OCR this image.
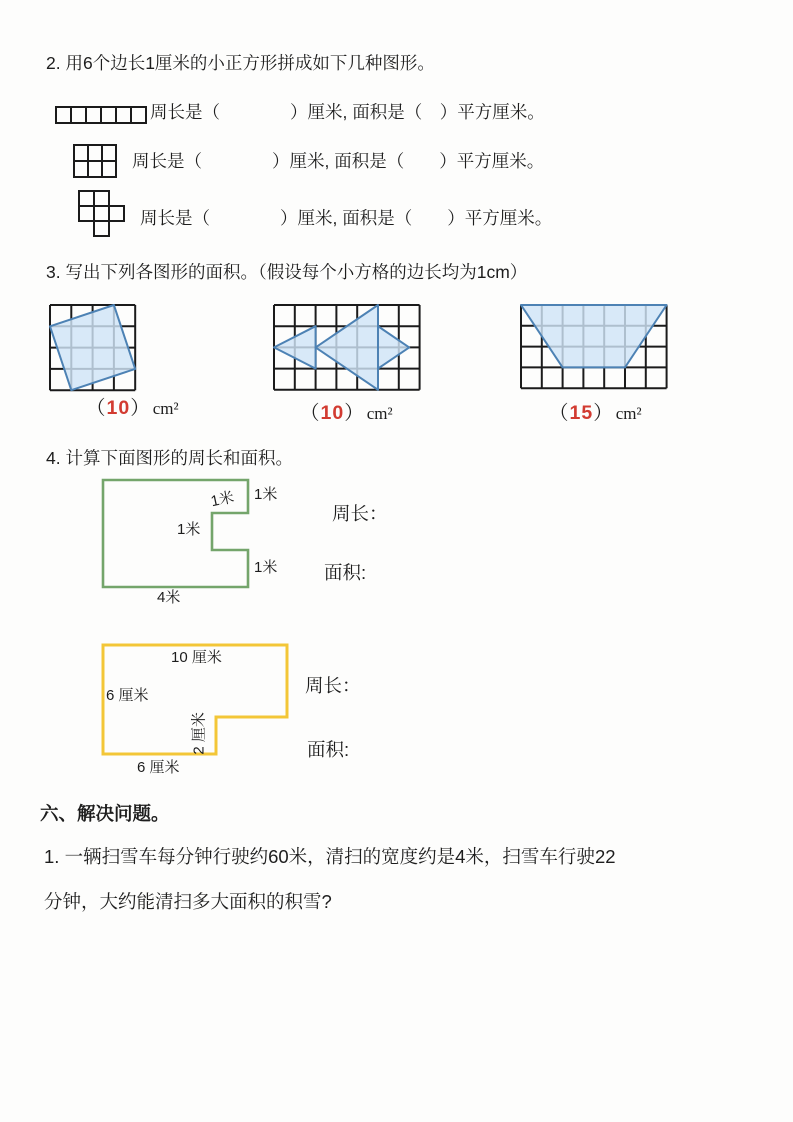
2. 用6个边长1厘米的小正方形拼成如下几种图形。
周长是（　　　　）厘米, 面积是（　）平方厘米。
周长是（　　　　）厘米, 面积是（　　）平方厘米。
周长是（　　　　）厘米, 面积是（　　）平方厘米。
3. 写出下列各图形的面积。（假设每个小方格的边长均为1cm）
（10） cm²	（10） cm²	（15） cm²
4. 计算下面图形的周长和面积。
1米 1米
1米
1米
4米
周长：
面积:
10 厘米
6 厘米
2 厘米
6 厘米
周长：
面积:
六、解决问题。
1. 一辆扫雪车每分钟行驶约60米，清扫的宽度约是4米，扫雪车行驶22
分钟，大约能清扫多大面积的积雪?
